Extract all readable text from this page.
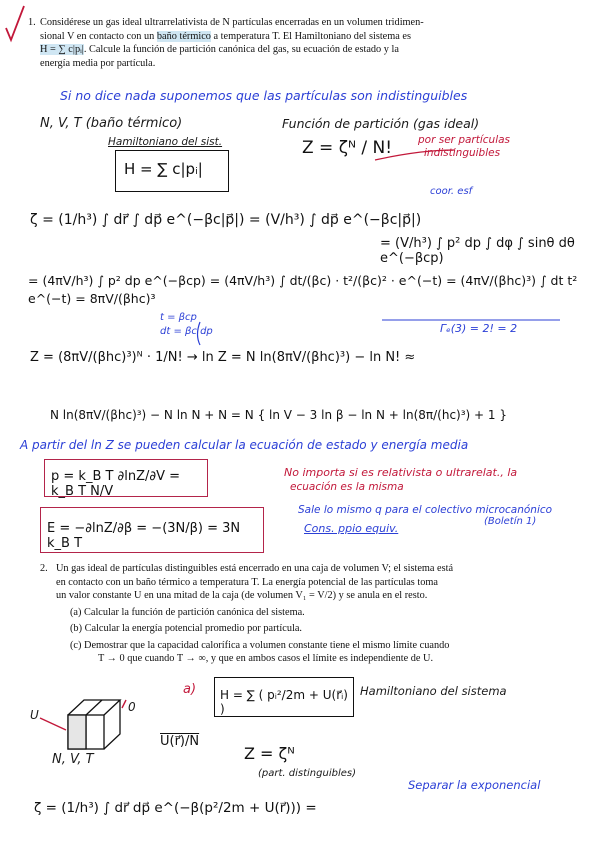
1. Considérese un gas ideal ultrarrelativista de N partículas encerradas en un volumen tridimen-
sional V en contacto con un baño térmico a temperatura T. El Hamiltoniano del sistema es
H = ∑ c|pᵢ|. Calcule la función de partición canónica del gas, su ecuación de estado y la
energía media por partícula.
Si no dice nada suponemos que las partículas son indistinguibles
N, V, T (baño térmico)
Hamiltoniano del sist.
H = ∑ c|pᵢ|
Función de partición (gas ideal)
Z = ζᴺ / N! por ser partículas
indistinguibles
coor. esf
ζ = (1/h³) ∫ dr⃗ ∫ dp⃗ e^(−βc|p⃗|) = (V/h³) ∫ dp⃗ e^(−βc|p⃗|)
= (V/h³) ∫ p² dp ∫ dφ ∫ sinθ dθ e^(−βcp)
= (4πV/h³) ∫ p² dp e^(−βcp) = (4πV/h³) ∫ dt/(βc) · t²/(βc)² · e^(−t) = (4πV/(βhc)³) ∫ dt t² e^(−t) = 8πV/(βhc)³
t = βcp
dt = βc dp	Γₑ(3) = 2! = 2
Z = (8πV/(βhc)³)ᴺ · 1/N! → ln Z = N ln(8πV/(βhc)³) − ln N! ≈
N ln(8πV/(βhc)³) − N ln N + N = N { ln V − 3 ln β − ln N + ln(8π/(hc)³) + 1 }
A partir del ln Z se pueden calcular la ecuación de estado y energía media
p = k_B T ∂lnZ/∂V = k_B T N/V
No importa si es relativista o ultrarelat., la
ecuación es la misma
E = −∂lnZ/∂β = −(3N/β) = 3N k_B T
Sale lo mismo q para el colectivo microcanónico
(Boletín 1)
Cons. ppio equiv.
2. Un gas ideal de partículas distinguibles está encerrado en una caja de volumen V; el sistema está
en contacto con un baño térmico a temperatura T. La energía potencial de las partículas toma
un valor constante U en una mitad de la caja (de volumen V₁ = V/2) y se anula en el resto.
(a) Calcular la función de partición canónica del sistema.
(b) Calcular la energía potencial promedio por partícula.
(c) Demostrar que la capacidad calorífica a volumen constante tiene el mismo límite cuando
T → 0 que cuando T → ∞, y que en ambos casos el límite es independiente de U.
a) H = ∑ ( pᵢ²/2m + U(r⃗ᵢ) )
Hamiltoniano del sistema
U
0
N, V, T
U(r⃗)/N
Z = ζᴺ
(part. distinguibles)
Separar la exponencial
ζ = (1/h³) ∫ dr⃗ dp⃗ e^(−β(p²/2m + U(r⃗))) =
